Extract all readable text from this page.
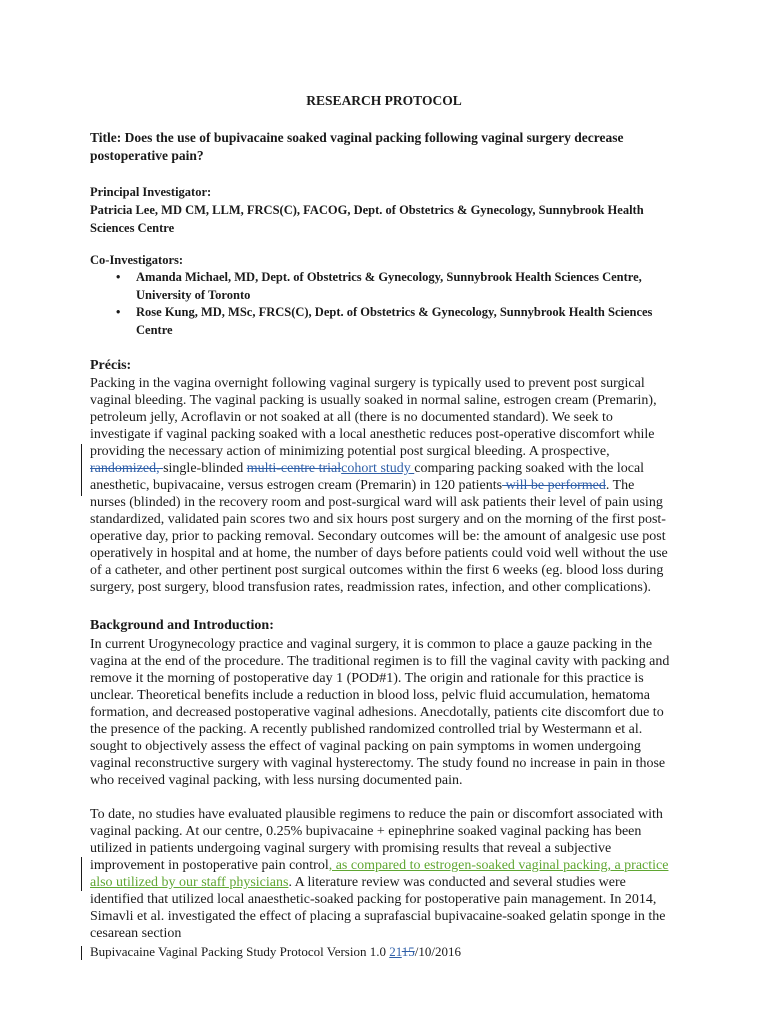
RESEARCH PROTOCOL
Title: Does the use of bupivacaine soaked vaginal packing following vaginal surgery decrease postoperative pain?
Principal Investigator:
Patricia Lee, MD CM, LLM, FRCS(C), FACOG, Dept. of Obstetrics & Gynecology, Sunnybrook Health Sciences Centre
Co-Investigators:
• Amanda Michael, MD, Dept. of Obstetrics & Gynecology, Sunnybrook Health Sciences Centre, University of Toronto
• Rose Kung, MD, MSc, FRCS(C), Dept. of Obstetrics & Gynecology, Sunnybrook Health Sciences Centre
Précis:
Packing in the vagina overnight following vaginal surgery is typically used to prevent post surgical vaginal bleeding. The vaginal packing is usually soaked in normal saline, estrogen cream (Premarin), petroleum jelly, Acroflavin or not soaked at all (there is no documented standard). We seek to investigate if vaginal packing soaked with a local anesthetic reduces post-operative discomfort while providing the necessary action of minimizing potential post surgical bleeding. A prospective, randomized, single-blinded multi-centre trialcohort study comparing packing soaked with the local anesthetic, bupivacaine, versus estrogen cream (Premarin) in 120 patients will be performed. The nurses (blinded) in the recovery room and post-surgical ward will ask patients their level of pain using standardized, validated pain scores two and six hours post surgery and on the morning of the first post-operative day, prior to packing removal. Secondary outcomes will be: the amount of analgesic use post operatively in hospital and at home, the number of days before patients could void well without the use of a catheter, and other pertinent post surgical outcomes within the first 6 weeks (eg. blood loss during surgery, post surgery, blood transfusion rates, readmission rates, infection, and other complications).
Background and Introduction:
In current Urogynecology practice and vaginal surgery, it is common to place a gauze packing in the vagina at the end of the procedure. The traditional regimen is to fill the vaginal cavity with packing and remove it the morning of postoperative day 1 (POD#1). The origin and rationale for this practice is unclear. Theoretical benefits include a reduction in blood loss, pelvic fluid accumulation, hematoma formation, and decreased postoperative vaginal adhesions. Anecdotally, patients cite discomfort due to the presence of the packing. A recently published randomized controlled trial by Westermann et al. sought to objectively assess the effect of vaginal packing on pain symptoms in women undergoing vaginal reconstructive surgery with vaginal hysterectomy. The study found no increase in pain in those who received vaginal packing, with less nursing documented pain.
To date, no studies have evaluated plausible regimens to reduce the pain or discomfort associated with vaginal packing. At our centre, 0.25% bupivacaine + epinephrine soaked vaginal packing has been utilized in patients undergoing vaginal surgery with promising results that reveal a subjective improvement in postoperative pain control, as compared to estrogen-soaked vaginal packing, a practice also utilized by our staff physicians. A literature review was conducted and several studies were identified that utilized local anaesthetic-soaked packing for postoperative pain management. In 2014, Simavli et al. investigated the effect of placing a suprafascial bupivacaine-soaked gelatin sponge in the cesarean section
Bupivacaine Vaginal Packing Study Protocol Version 1.0 2115/10/2016
